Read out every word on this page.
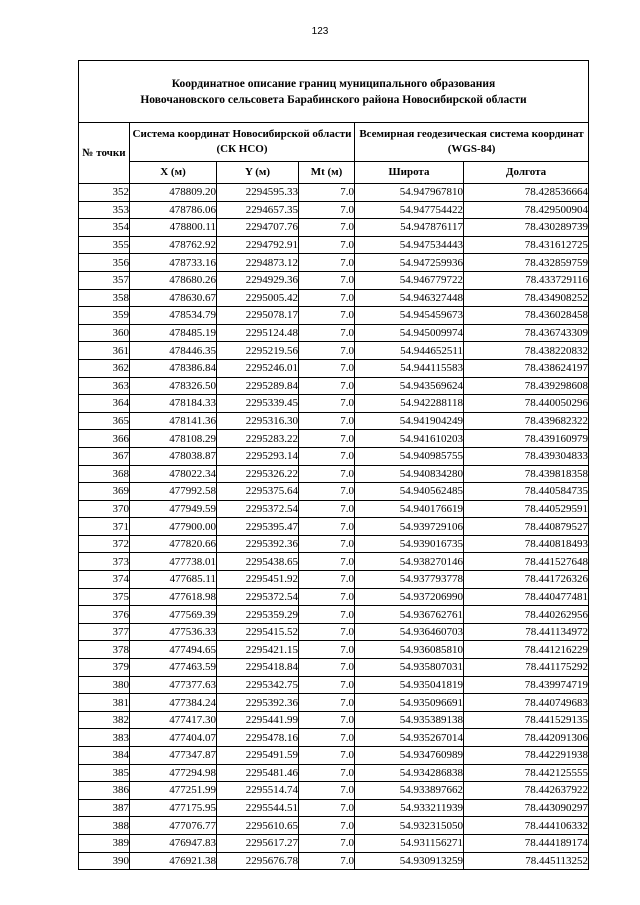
123
Координатное описание границ муниципального образования
Новочановского сельсовета Барабинского района Новосибирской области					

№ точки	Система координат Новосибирской области (СК НСО)			Всемирная геодезическая система координат (WGS-84)	
	X (м)	Y (м)	Mt (м)	Широта	Долгота
352	478809.20	2294595.33	7.0	54.947967810	78.428536664
353	478786.06	2294657.35	7.0	54.947754422	78.429500904
354	478800.11	2294707.76	7.0	54.947876117	78.430289739
355	478762.92	2294792.91	7.0	54.947534443	78.431612725
356	478733.16	2294873.12	7.0	54.947259936	78.432859759
357	478680.26	2294929.36	7.0	54.946779722	78.433729116
358	478630.67	2295005.42	7.0	54.946327448	78.434908252
359	478534.79	2295078.17	7.0	54.945459673	78.436028458
360	478485.19	2295124.48	7.0	54.945009974	78.436743309
361	478446.35	2295219.56	7.0	54.944652511	78.438220832
362	478386.84	2295246.01	7.0	54.944115583	78.438624197
363	478326.50	2295289.84	7.0	54.943569624	78.439298608
364	478184.33	2295339.45	7.0	54.942288118	78.440050296
365	478141.36	2295316.30	7.0	54.941904249	78.439682322
366	478108.29	2295283.22	7.0	54.941610203	78.439160979
367	478038.87	2295293.14	7.0	54.940985755	78.439304833
368	478022.34	2295326.22	7.0	54.940834280	78.439818358
369	477992.58	2295375.64	7.0	54.940562485	78.440584735
370	477949.59	2295372.54	7.0	54.940176619	78.440529591
371	477900.00	2295395.47	7.0	54.939729106	78.440879527
372	477820.66	2295392.36	7.0	54.939016735	78.440818493
373	477738.01	2295438.65	7.0	54.938270146	78.441527648
374	477685.11	2295451.92	7.0	54.937793778	78.441726326
375	477618.98	2295372.54	7.0	54.937206990	78.440477481
376	477569.39	2295359.29	7.0	54.936762761	78.440262956
377	477536.33	2295415.52	7.0	54.936460703	78.441134972
378	477494.65	2295421.15	7.0	54.936085810	78.441216229
379	477463.59	2295418.84	7.0	54.935807031	78.441175292
380	477377.63	2295342.75	7.0	54.935041819	78.439974719
381	477384.24	2295392.36	7.0	54.935096691	78.440749683
382	477417.30	2295441.99	7.0	54.935389138	78.441529135
383	477404.07	2295478.16	7.0	54.935267014	78.442091306
384	477347.87	2295491.59	7.0	54.934760989	78.442291938
385	477294.98	2295481.46	7.0	54.934286838	78.442125555
386	477251.99	2295514.74	7.0	54.933897662	78.442637922
387	477175.95	2295544.51	7.0	54.933211939	78.443090297
388	477076.77	2295610.65	7.0	54.932315050	78.444106332
389	476947.83	2295617.27	7.0	54.931156271	78.444189174
390	476921.38	2295676.78	7.0	54.930913259	78.445113252
